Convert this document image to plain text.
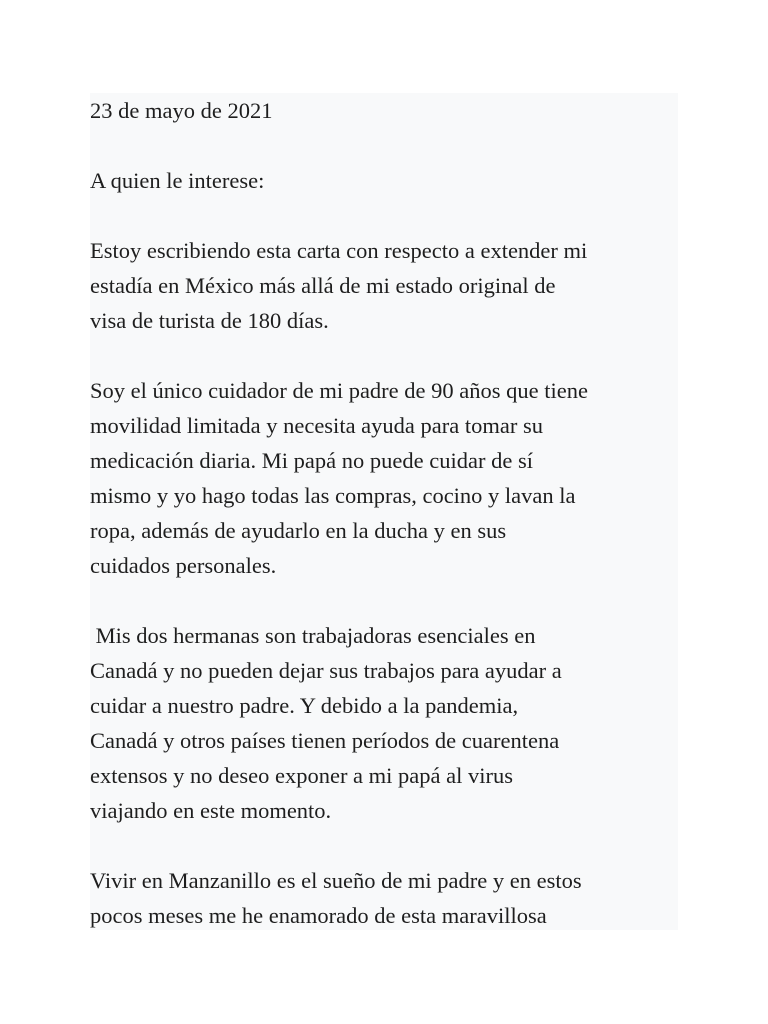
23 de mayo de 2021
A quien le interese:
Estoy escribiendo esta carta con respecto a extender mi
estadía en México más allá de mi estado original de
visa de turista de 180 días.
Soy el único cuidador de mi padre de 90 años que tiene
movilidad limitada y necesita ayuda para tomar su
medicación diaria. Mi papá no puede cuidar de sí
mismo y yo hago todas las compras, cocino y lavan la
ropa, además de ayudarlo en la ducha y en sus
cuidados personales.
Mis dos hermanas son trabajadoras esenciales en
Canadá y no pueden dejar sus trabajos para ayudar a
cuidar a nuestro padre. Y debido a la pandemia,
Canadá y otros países tienen períodos de cuarentena
extensos y no deseo exponer a mi papá al virus
viajando en este momento.
Vivir en Manzanillo es el sueño de mi padre y en estos
pocos meses me he enamorado de esta maravillosa
